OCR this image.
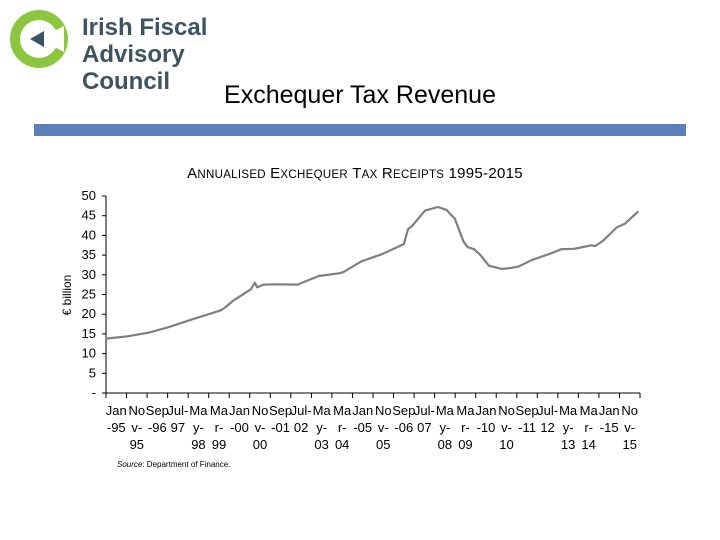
Irish Fiscal
Advisory Council	Exchequer Tax Revenue
ANNUALISED EXCHEQUER TAX RECEIPTS 1995-2015
€ billion
-
5
10
15
20
25
30
35
40
45
50
Jan
-95
No
v-
95
Sep
-96
Jul-
97
Ma
y-
98
Ma
r-
99
Jan
-00
No
v-
00
Sep
-01
Jul-
02
Ma
y-
03
Ma
r-
04
Jan
-05
No
v-
05
Sep
-06
Jul-
07
Ma
y-
08
Ma
r-
09
Jan
-10
No
v-
10
Sep
-11
Jul-
12
Ma
y-
13
Ma
r-
14
Jan
-15
No
v-
15
Source: Department of Finance.
